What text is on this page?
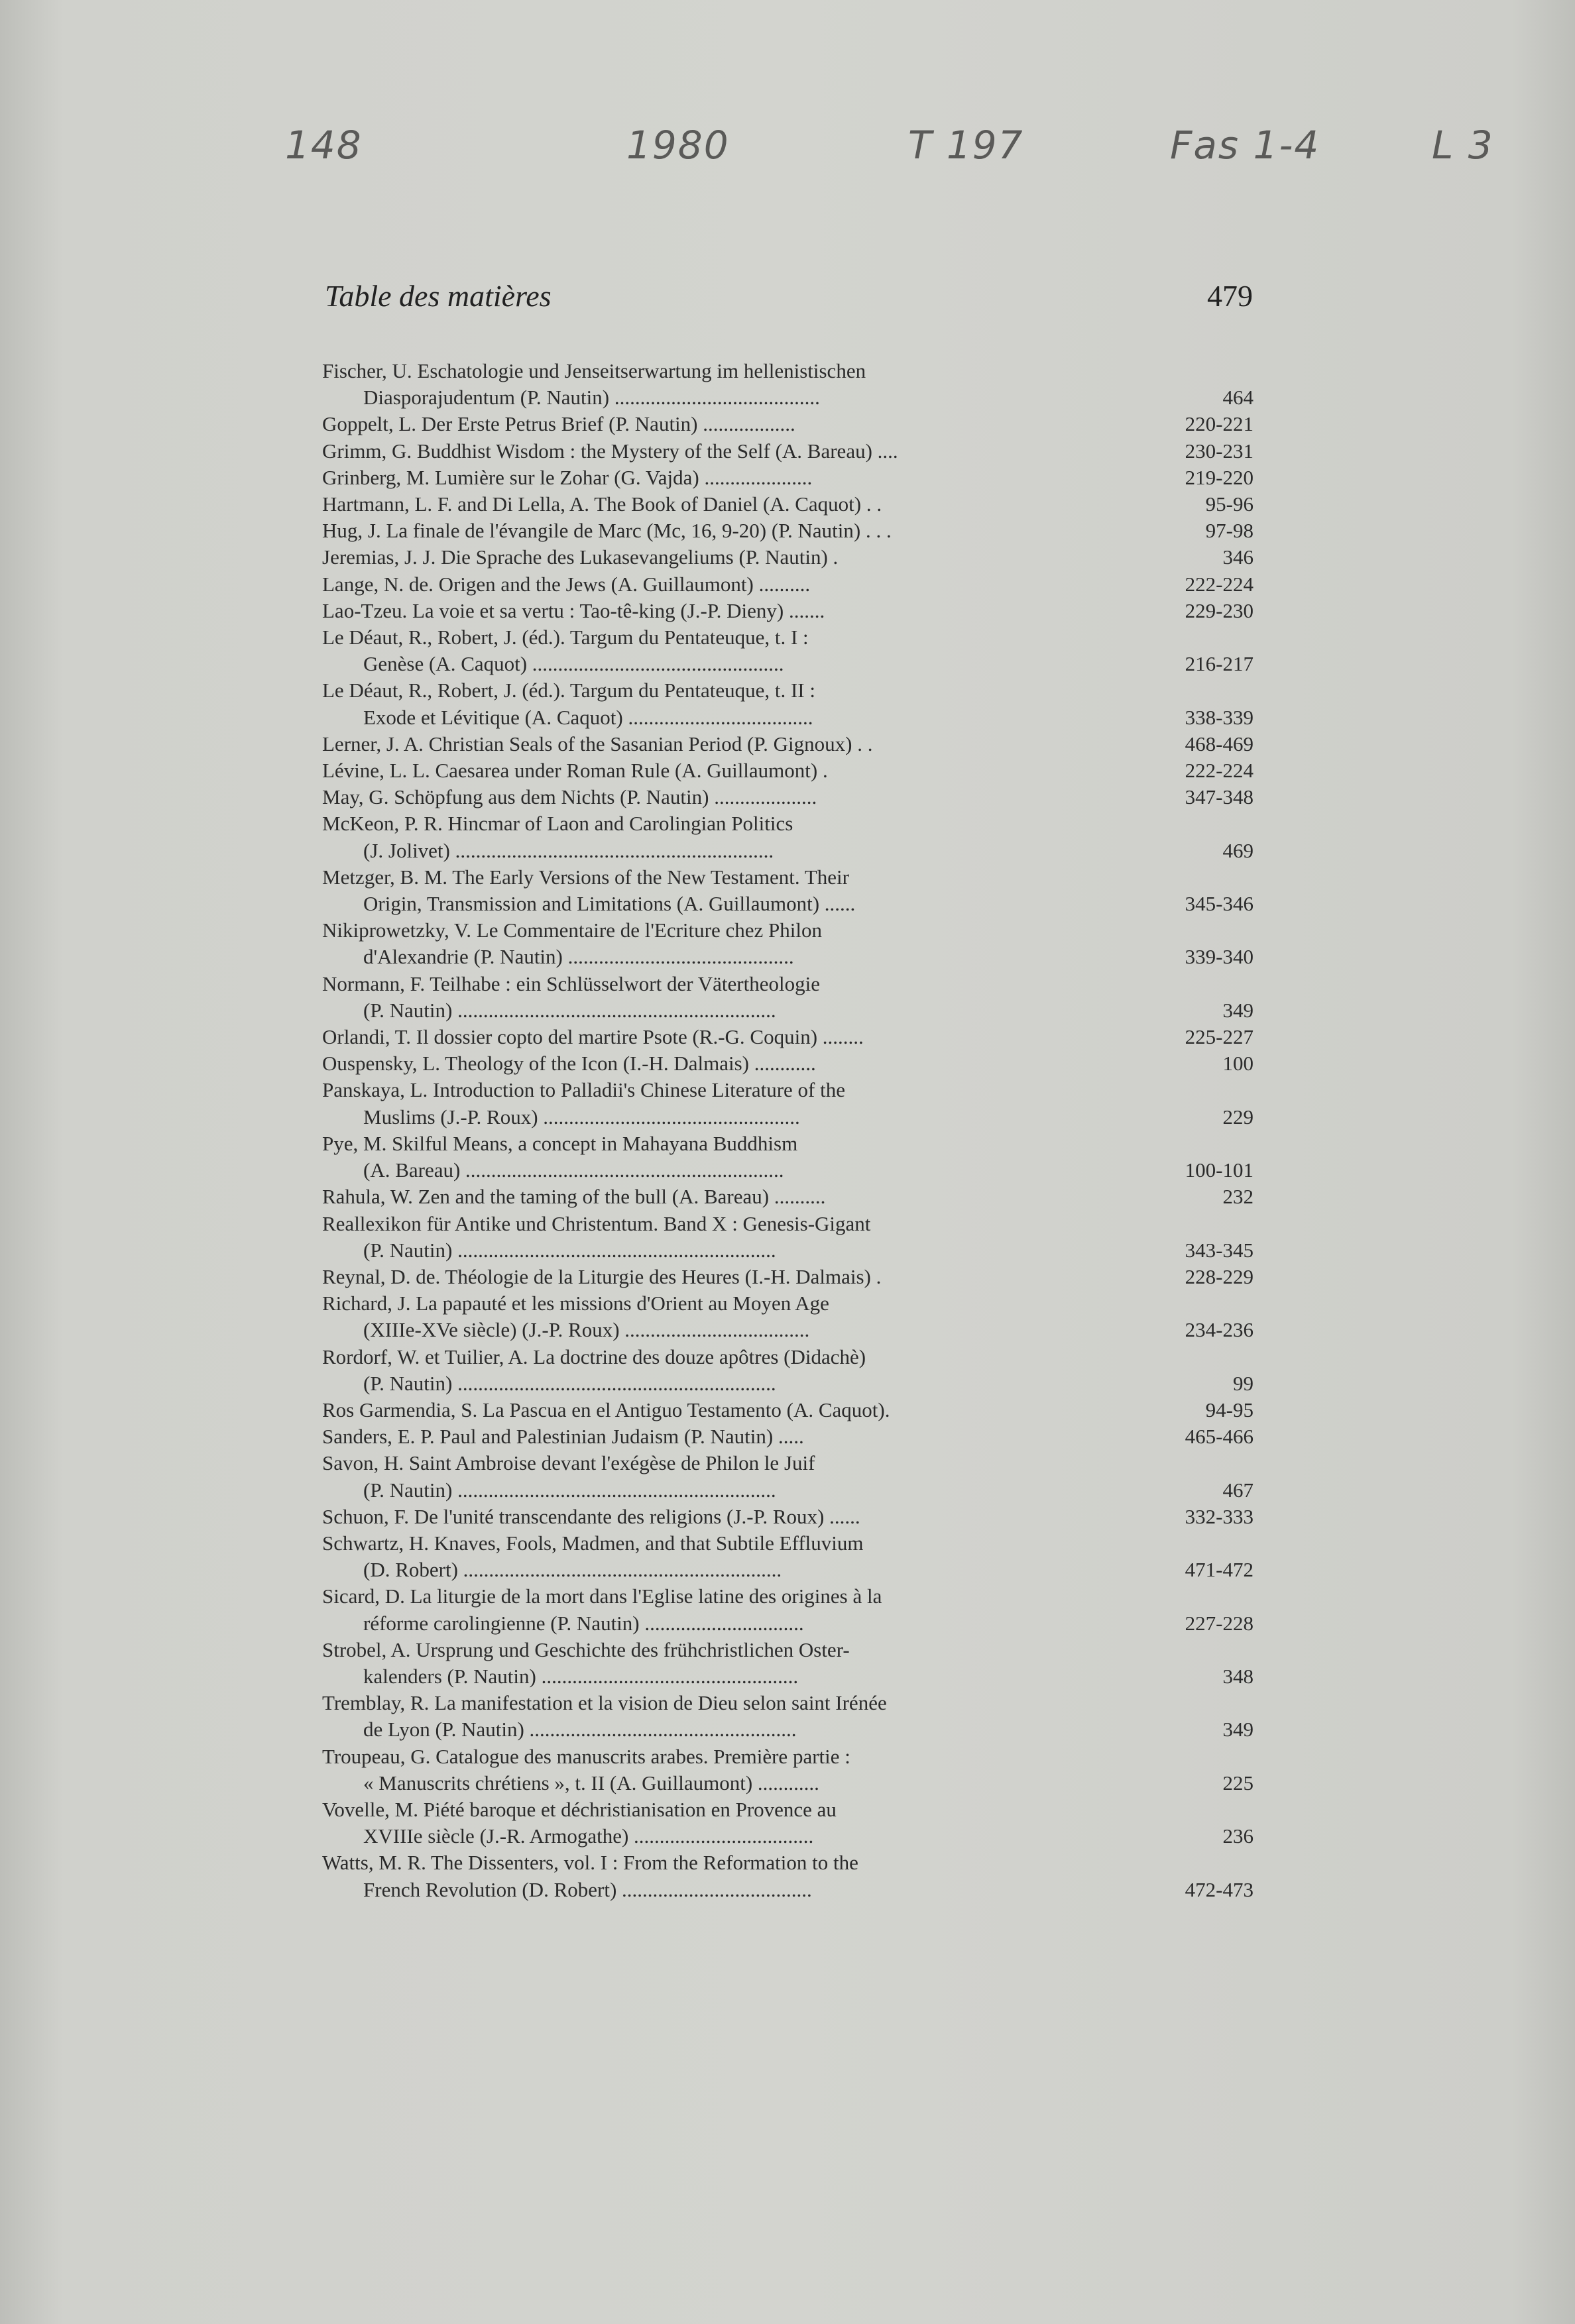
148	1980	T 197	Fas 1-4	L 3
Table des matières	479
Fischer, U. Eschatologie und Jenseitserwartung im hellenistischen
Diasporajudentum (P. Nautin) ........................................	464
Goppelt, L. Der Erste Petrus Brief (P. Nautin) ..................	220-221
Grimm, G. Buddhist Wisdom : the Mystery of the Self (A. Bareau) ....	230-231
Grinberg, M. Lumière sur le Zohar (G. Vajda) .....................	219-220
Hartmann, L. F. and Di Lella, A. The Book of Daniel (A. Caquot) . .	95-96
Hug, J. La finale de l'évangile de Marc (Mc, 16, 9-20) (P. Nautin) . . .	97-98
Jeremias, J. J. Die Sprache des Lukasevangeliums (P. Nautin) .	346
Lange, N. de. Origen and the Jews (A. Guillaumont) ..........	222-224
Lao-Tzeu. La voie et sa vertu : Tao-tê-king (J.-P. Dieny) .......	229-230
Le Déaut, R., Robert, J. (éd.). Targum du Pentateuque, t. I :
Genèse (A. Caquot) .................................................	216-217
Le Déaut, R., Robert, J. (éd.). Targum du Pentateuque, t. II :
Exode et Lévitique (A. Caquot) ....................................	338-339
Lerner, J. A. Christian Seals of the Sasanian Period (P. Gignoux) . .	468-469
Lévine, L. L. Caesarea under Roman Rule (A. Guillaumont) .	222-224
May, G. Schöpfung aus dem Nichts (P. Nautin) ....................	347-348
McKeon, P. R. Hincmar of Laon and Carolingian Politics
(J. Jolivet) ..............................................................	469
Metzger, B. M. The Early Versions of the New Testament. Their
Origin, Transmission and Limitations (A. Guillaumont) ......	345-346
Nikiprowetzky, V. Le Commentaire de l'Ecriture chez Philon
d'Alexandrie (P. Nautin) ............................................	339-340
Normann, F. Teilhabe : ein Schlüsselwort der Vätertheologie
(P. Nautin) ..............................................................	349
Orlandi, T. Il dossier copto del martire Psote (R.-G. Coquin) ........	225-227
Ouspensky, L. Theology of the Icon (I.-H. Dalmais) ............	100
Panskaya, L. Introduction to Palladii's Chinese Literature of the
Muslims (J.-P. Roux) ..................................................	229
Pye, M. Skilful Means, a concept in Mahayana Buddhism
(A. Bareau) ..............................................................	100-101
Rahula, W. Zen and the taming of the bull (A. Bareau) ..........	232
Reallexikon für Antike und Christentum. Band X : Genesis-Gigant
(P. Nautin) ..............................................................	343-345
Reynal, D. de. Théologie de la Liturgie des Heures (I.-H. Dalmais) .	228-229
Richard, J. La papauté et les missions d'Orient au Moyen Age
(XIIIe-XVe siècle) (J.-P. Roux) ....................................	234-236
Rordorf, W. et Tuilier, A. La doctrine des douze apôtres (Didachè)
(P. Nautin) ..............................................................	99
Ros Garmendia, S. La Pascua en el Antiguo Testamento (A. Caquot).	94-95
Sanders, E. P. Paul and Palestinian Judaism (P. Nautin) .....	465-466
Savon, H. Saint Ambroise devant l'exégèse de Philon le Juif
(P. Nautin) ..............................................................	467
Schuon, F. De l'unité transcendante des religions (J.-P. Roux) ......	332-333
Schwartz, H. Knaves, Fools, Madmen, and that Subtile Effluvium
(D. Robert) ..............................................................	471-472
Sicard, D. La liturgie de la mort dans l'Eglise latine des origines à la
réforme carolingienne (P. Nautin) ...............................	227-228
Strobel, A. Ursprung und Geschichte des frühchristlichen Oster-
kalenders (P. Nautin) ..................................................	348
Tremblay, R. La manifestation et la vision de Dieu selon saint Irénée
de Lyon (P. Nautin) ....................................................	349
Troupeau, G. Catalogue des manuscrits arabes. Première partie :
« Manuscrits chrétiens », t. II (A. Guillaumont) ............	225
Vovelle, M. Piété baroque et déchristianisation en Provence au
XVIIIe siècle (J.-R. Armogathe) ...................................	236
Watts, M. R. The Dissenters, vol. I : From the Reformation to the
French Revolution (D. Robert) .....................................	472-473
